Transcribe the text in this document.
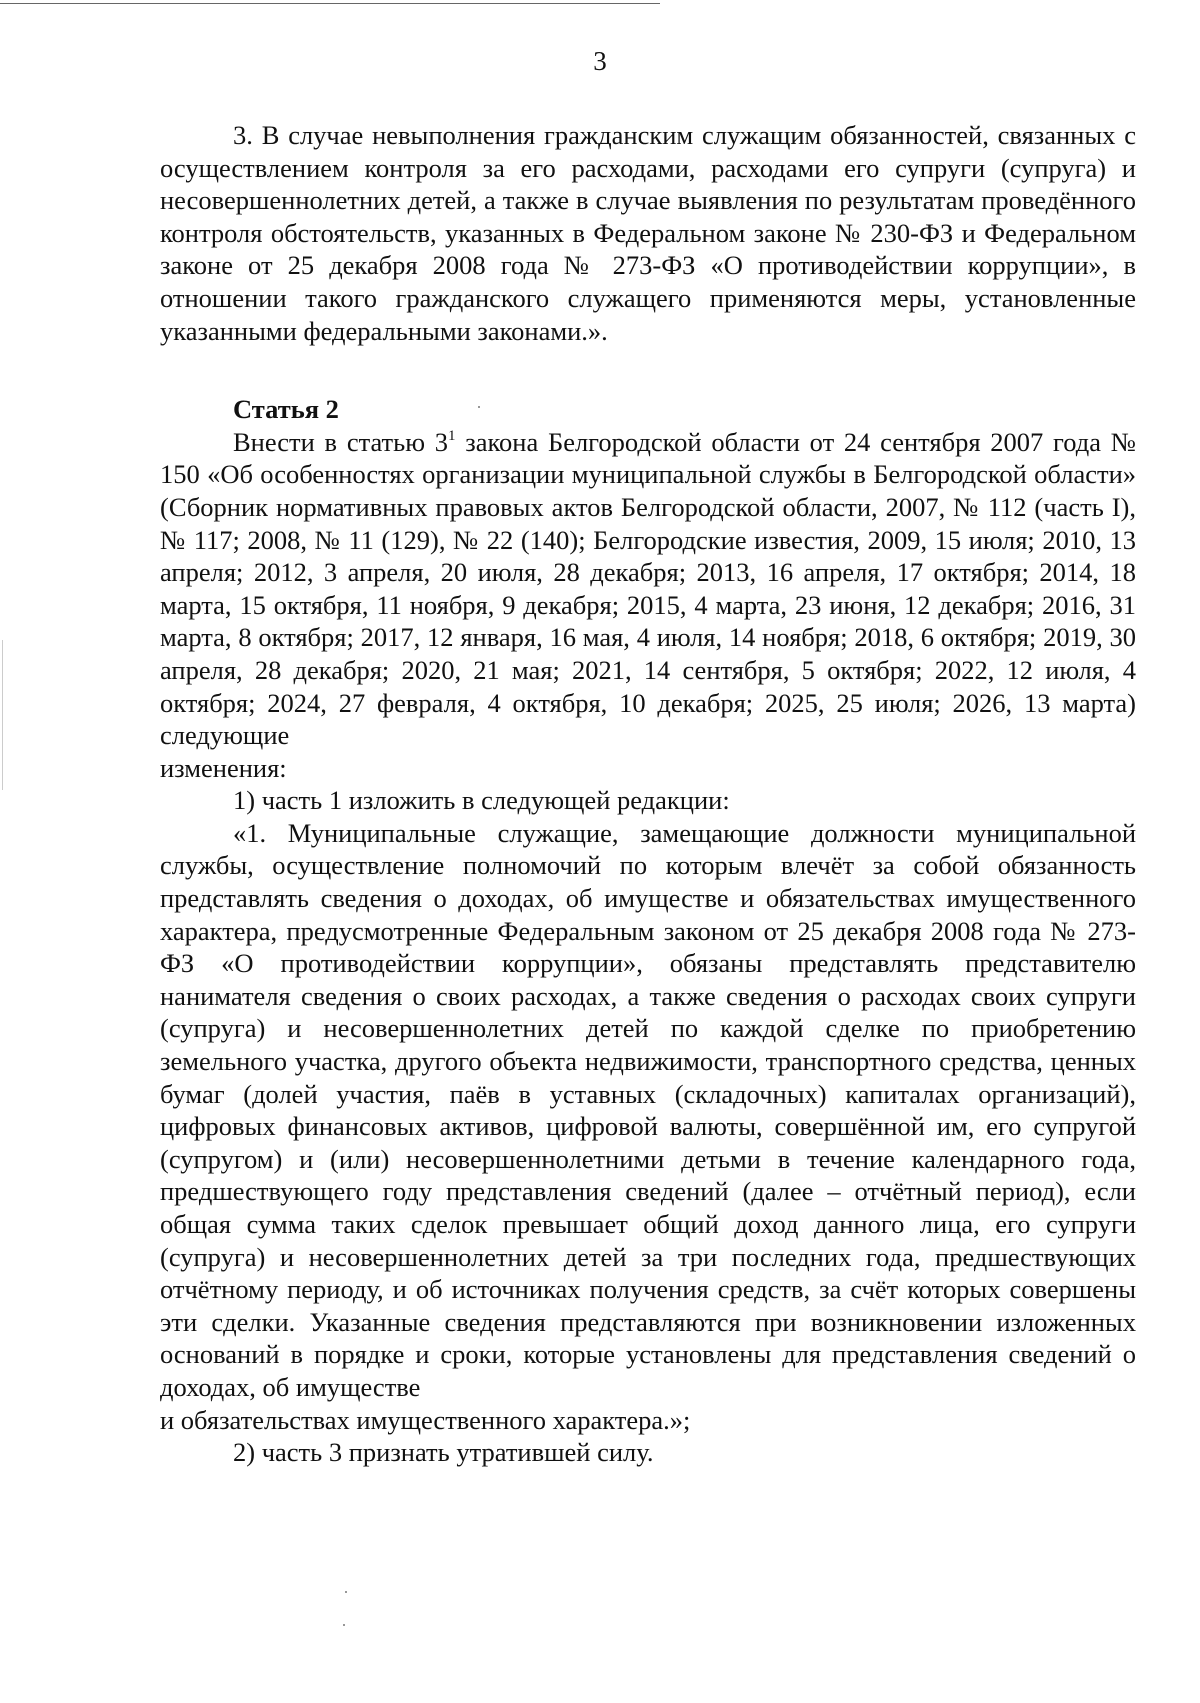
3

3. В случае невыполнения гражданским служащим обязанностей, связанных с осуществлением контроля за его расходами, расходами его супруги (супруга) и несовершеннолетних детей, а также в случае выявления по результатам проведённого контроля обстоятельств, указанных в Федеральном законе № 230-ФЗ и Федеральном законе от 25 декабря 2008 года № 273-ФЗ «О противодействии коррупции», в отношении такого гражданского служащего применяются меры, установленные указанными федеральными законами.».

Статья 2

Внести в статью $3^1$ закона Белгородской области от 24 сентября 2007 года № 150 «Об особенностях организации муниципальной службы в Белгородской области» (Сборник нормативных правовых актов Белгородской области, 2007, № 112 (часть I), № 117; 2008, № 11 (129), № 22 (140); Белгородские известия, 2009, 15 июля; 2010, 13 апреля; 2012, 3 апреля, 20 июля, 28 декабря; 2013, 16 апреля, 17 октября; 2014, 18 марта, 15 октября, 11 ноября, 9 декабря; 2015, 4 марта, 23 июня, 12 декабря; 2016, 31 марта, 8 октября; 2017, 12 января, 16 мая, 4 июля, 14 ноября; 2018, 6 октября; 2019, 30 апреля, 28 декабря; 2020, 21 мая; 2021, 14 сентября, 5 октября; 2022, 12 июля, 4 октября; 2024, 27 февраля, 4 октября, 10 декабря; 2025, 25 июля; 2026, 13 марта) следующие

изменения:

1) часть 1 изложить в следующей редакции:

«1. Муниципальные служащие, замещающие должности муниципальной службы, осуществление полномочий по которым влечёт за собой обязанность представлять сведения о доходах, об имуществе и обязательствах имущественного характера, предусмотренные Федеральным законом от 25 декабря 2008 года № 273-ФЗ «О противодействии коррупции», обязаны представлять представителю нанимателя сведения о своих расходах, а также сведения о расходах своих супруги (супруга) и несовершеннолетних детей по каждой сделке по приобретению земельного участка, другого объекта недвижимости, транспортного средства, ценных бумаг (долей участия, паёв в уставных (складочных) капиталах организаций), цифровых финансовых активов, цифровой валюты, совершённой им, его супругой (супругом) и (или) несовершеннолетними детьми в течение календарного года, предшествующего году представления сведений (далее – отчётный период), если общая сумма таких сделок превышает общий доход данного лица, его супруги (супруга) и несовершеннолетних детей за три последних года, предшествующих отчётному периоду, и об источниках получения средств, за счёт которых совершены эти сделки. Указанные сведения представляются при возникновении изложенных оснований в порядке и сроки, которые установлены для представления сведений о доходах, об имуществе

и обязательствах имущественного характера.»;

2) часть 3 признать утратившей силу.
